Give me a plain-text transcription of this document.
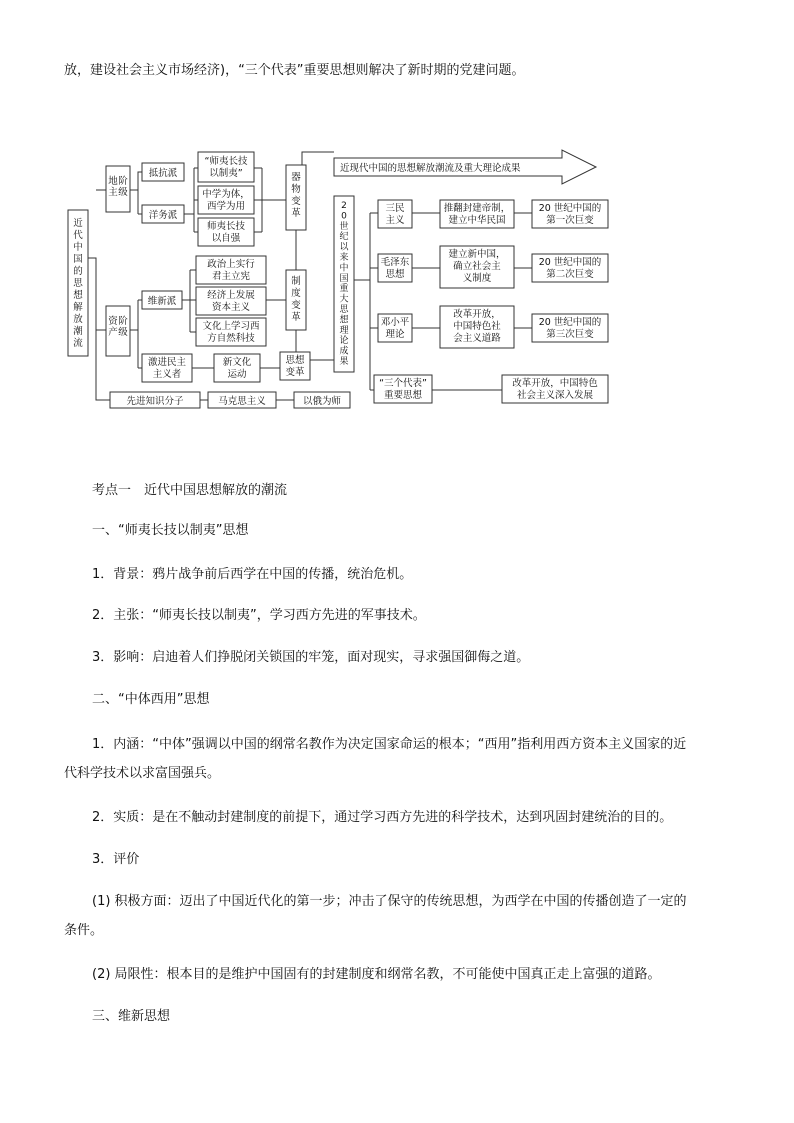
放，建设社会主义市场经济)，“三个代表”重要思想则解决了新时期的党建问题。
近现代中国的思想解放潮流及重大理论成果
近代中国的思想解放潮流
地主阶级
资产阶级
抵抗派
洋务派
“师夷长技以制夷”
中学为体，西学为用
师夷长技以自强
维新派
政治上实行君主立宪
经济上发展资本主义
文化上学习西方自然科技
激进民主主义者
新文化运动
器物变革
制度变革
思想变革
2 0 世纪以来中国重大思想理论成果
三民主义
推翻封建帝制，建立中华民国
20 世纪中国的第一次巨变
毛泽东思想
建立新中国，确立社会主义制度
20 世纪中国的第二次巨变
邓小平理论
改革开放，中国特色社会主义道路
20 世纪中国的第三次巨变
“三个代表”重要思想
改革开放，中国特色社会主义深入发展
先进知识分子	马克思主义	以俄为师
考点一　近代中国思想解放的潮流
一、“师夷长技以制夷”思想
1．背景：鸦片战争前后西学在中国的传播，统治危机。
2．主张：“师夷长技以制夷”，学习西方先进的军事技术。
3．影响：启迪着人们挣脱闭关锁国的牢笼，面对现实，寻求强国御侮之道。
二、“中体西用”思想
1．内涵：“中体”强调以中国的纲常名教作为决定国家命运的根本；“西用”指利用西方资本主义国家的近
代科学技术以求富国强兵。
2．实质：是在不触动封建制度的前提下，通过学习西方先进的科学技术，达到巩固封建统治的目的。
3．评价
(1) 积极方面：迈出了中国近代化的第一步；冲击了保守的传统思想，为西学在中国的传播创造了一定的
条件。
(2) 局限性：根本目的是维护中国固有的封建制度和纲常名教，不可能使中国真正走上富强的道路。
三、维新思想
